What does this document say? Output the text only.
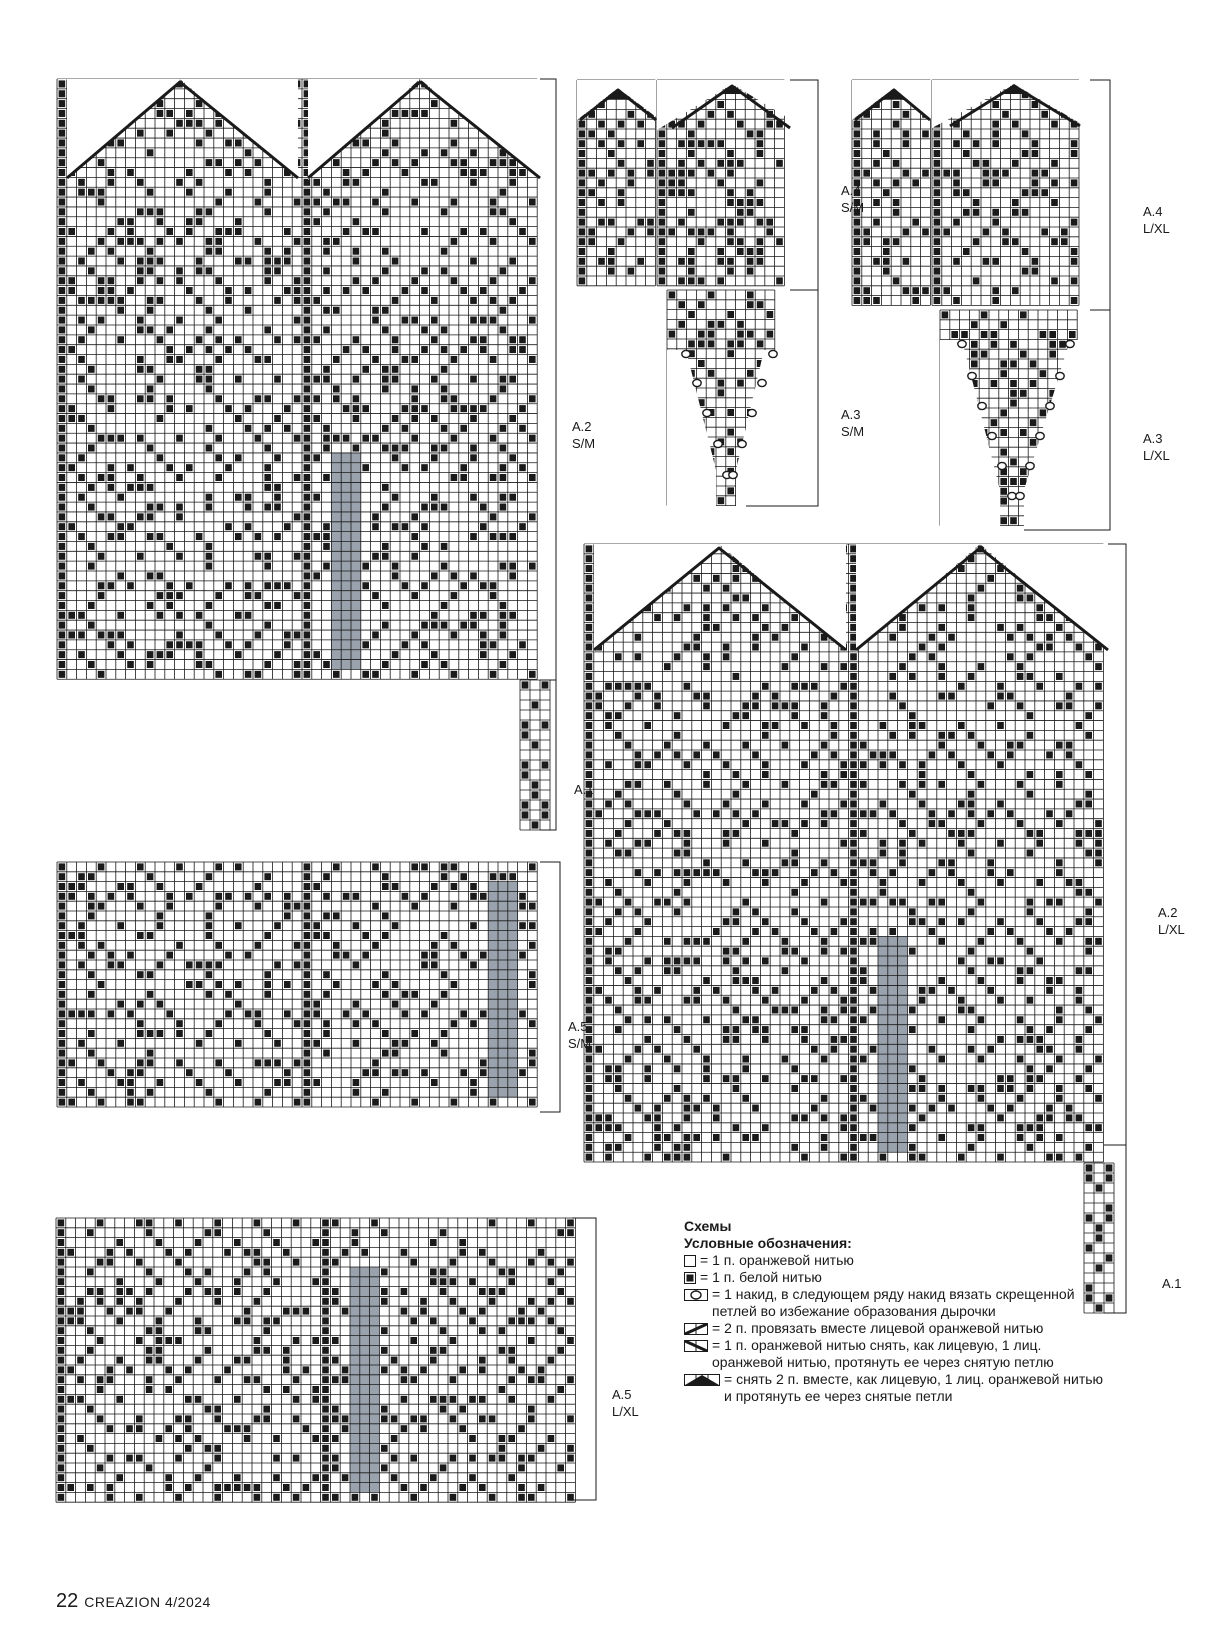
A.2
S/M
A.1
A.4
S/M
A.3
S/M
A.4
L/XL
A.3
L/XL
A.2
L/XL
A.1
A.5
S/M
A.5
L/XL
Схемы
Условные обозначения:
= 1 п. оранжевой нитью
= 1 п. белой нитью
= 1 накид, в следующем ряду накид вязать скрещенной петлей во избежание образования дырочки
= 2 п. провязать вместе лицевой оранжевой нитью
= 1 п. оранжевой нитью снять, как лицевую, 1 лиц. оранжевой нитью, протянуть ее через снятую петлю
= снять 2 п. вместе, как лицевую, 1 лиц. оранжевой нитью и протянуть ее через снятые петли
22 CREAZION 4/2024
